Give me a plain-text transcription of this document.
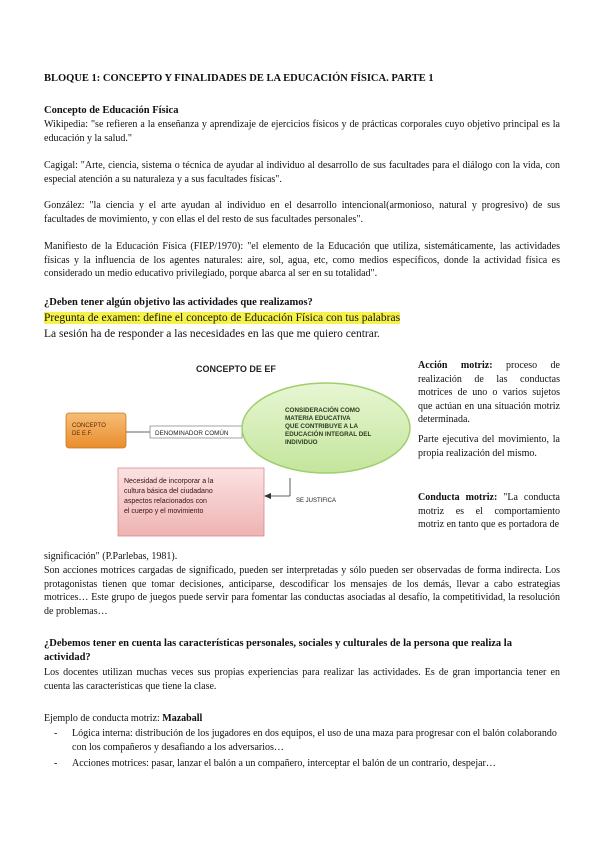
BLOQUE 1: CONCEPTO Y FINALIDADES DE LA EDUCACIÓN FÍSICA. PARTE 1
Concepto de Educación Física
Wikipedia: "se refieren a la enseñanza y aprendizaje de ejercicios físicos y de prácticas corporales cuyo objetivo principal es la educación y la salud."
Cagigal: "Arte, ciencia, sistema o técnica de ayudar al individuo al desarrollo de sus facultades para el diálogo con la vida, con especial atención a su naturaleza y a sus facultades físicas".
González: "la ciencia y el arte ayudan al individuo en el desarrollo intencional(armonioso, natural y progresivo) de sus facultades de movimiento, y con ellas el del resto de sus facultades personales".
Manifiesto de la Educación Física (FIEP/1970): "el elemento de la Educación que utiliza, sistemáticamente, las actividades físicas y la influencia de los agentes naturales: aire, sol, agua, etc, como medios específicos, donde la actividad física es considerado un medio educativo privilegiado, porque abarca al ser en su totalidad".
¿Deben tener algún objetivo las actividades que realizamos?
Pregunta de examen: define el concepto de Educación Física con tus palabras
La sesión ha de responder a las necesidades en las que me quiero centrar.
CONCEPTO DE EF
CONCEPTO
DE E.F.	DENOMINADOR COMÚN
CONSIDERACIÓN COMO
MATERIA EDUCATIVA
QUE CONTRIBUYE A LA
EDUCACIÓN INTEGRAL DEL
INDIVIDUO
Necesidad de incorporar a la
cultura básica del ciudadano
aspectos relacionados con
el cuerpo y el movimiento
SE JUSTIFICA
Acción motriz: proceso de realización de las conductas motrices de uno o varios sujetos que actúan en una situación motriz determinada.
Parte ejecutiva del movimiento, la propia realización del mismo.
Conducta motriz: "La conducta motriz es el comportamiento motriz en tanto que es portadora de
significación" (P.Parlebas, 1981).
Son acciones motrices cargadas de significado, pueden ser interpretadas y sólo pueden ser observadas de forma indirecta. Los protagonistas tienen que tomar decisiones, anticiparse, descodificar los mensajes de los demás, llevar a cabo estrategias motrices… Este grupo de juegos puede servir para fomentar las conductas asociadas al desafío, la competitividad, la resolución de problemas…
¿Debemos tener en cuenta las características personales, sociales y culturales de la persona que realiza la actividad?
Los docentes utilizan muchas veces sus propias experiencias para realizar las actividades. Es de gran importancia tener en cuenta las características que tiene la clase.
Ejemplo de conducta motriz: Mazaball
- Lógica interna: distribución de los jugadores en dos equipos, el uso de una maza para progresar con el balón colaborando con los compañeros y desafiando a los adversarios…
- Acciones motrices: pasar, lanzar el balón a un compañero, interceptar el balón de un contrario, despejar…
